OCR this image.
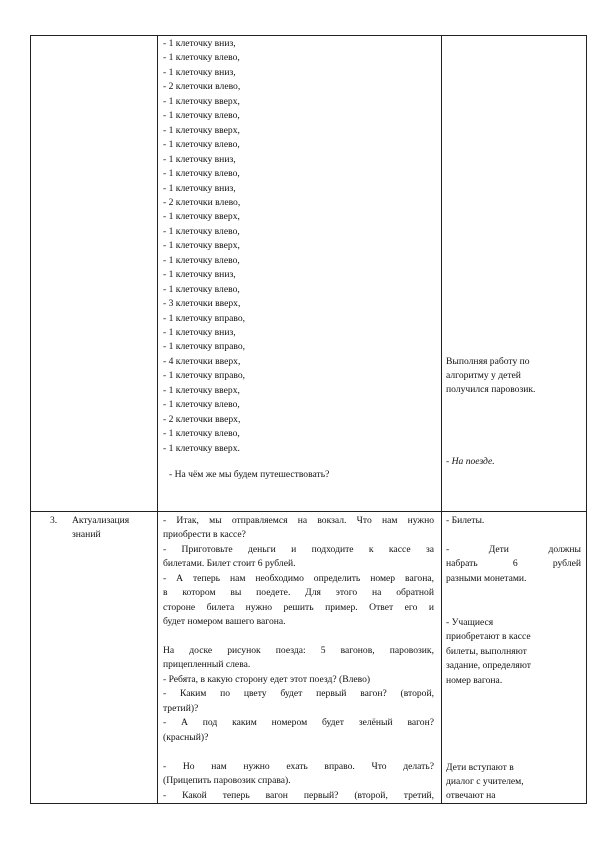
- 1 клеточку вниз,
- 1 клеточку влево,
- 1 клеточку вниз,
- 2 клеточки влево,
- 1 клеточку вверх,
- 1 клеточку влево,
- 1 клеточку вверх,
- 1 клеточку влево,
- 1 клеточку вниз,
- 1 клеточку влево,
- 1 клеточку вниз,
- 2 клеточки влево,
- 1 клеточку вверх,
- 1 клеточку влево,
- 1 клеточку вверх,
- 1 клеточку влево,
- 1 клеточку вниз,
- 1 клеточку влево,
- 3 клеточки вверх,
- 1 клеточку вправо,
- 1 клеточку вниз,
- 1 клеточку вправо,
- 4 клеточки вверх,
- 1 клеточку вправо,
- 1 клеточку вверх,
- 1 клеточку влево,
- 2 клеточки вверх,
- 1 клеточку влево,
- 1 клеточку вверх.
- На чём же мы будем путешествовать?
Выполняя работу по
алгоритму у детей
получился паровозик.
- На поезде.
3. Актуализация
знаний
- Итак, мы отправляемся на вокзал. Что нам нужно
приобрести в кассе?
- Приготовьте деньги и подходите к кассе за
билетами. Билет стоит 6 рублей.
- А теперь нам необходимо определить номер вагона,
в котором вы поедете. Для этого на обратной
стороне билета нужно решить пример. Ответ его и
будет номером вашего вагона.
На доске рисунок поезда: 5 вагонов, паровозик,
прицепленный слева.
- Ребята, в какую сторону едет этот поезд? (Влево)
- Каким по цвету будет первый вагон? (второй,
третий)?
- А под каким номером будет зелёный вагон?
(красный)?
- Но нам нужно ехать вправо. Что делать?
(Прицепить паровозик справа).
- Какой теперь вагон первый? (второй, третий,
- Билеты.
- Дети должны
набрать 6 рублей
разными монетами.
- Учащиеся
приобретают в кассе
билеты, выполняют
задание, определяют
номер вагона.
Дети вступают в
диалог с учителем,
отвечают на
